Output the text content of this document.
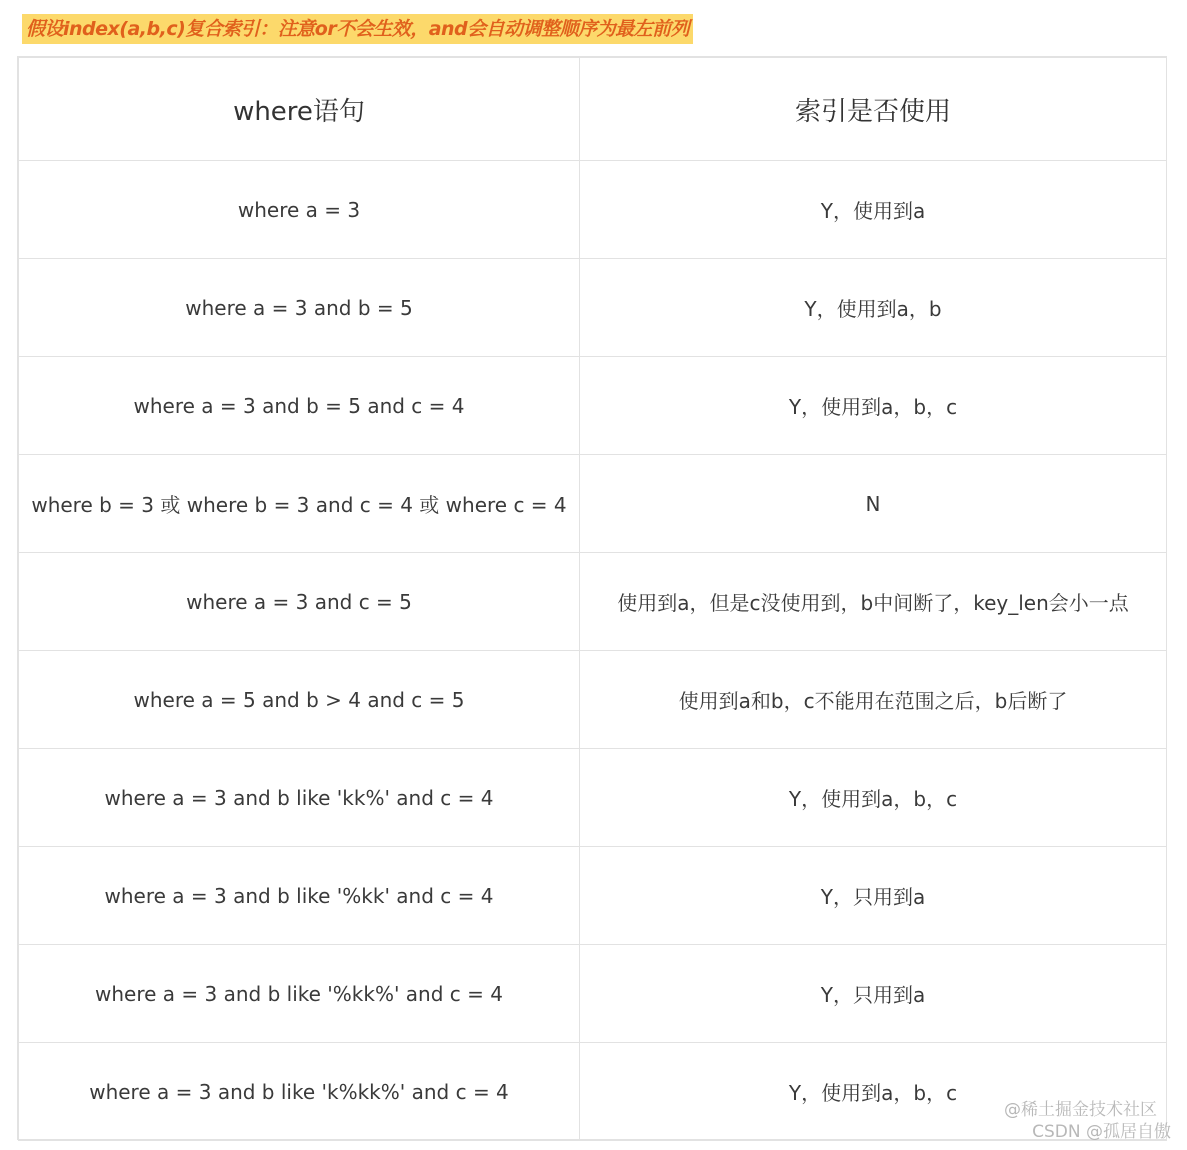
假设index(a,b,c)复合索引：注意or不会生效，and会自动调整顺序为最左前列
where语句	索引是否使用
where a = 3	Y，使用到a
where a = 3 and b = 5	Y，使用到a，b
where a = 3 and b = 5 and c = 4	Y，使用到a，b，c
where b = 3 或 where b = 3 and c = 4 或 where c = 4	N
where a = 3 and c = 5	使用到a，但是c没使用到，b中间断了，key_len会小一点
where a = 5 and b > 4 and c = 5	使用到a和b，c不能用在范围之后，b后断了
where a = 3 and b like 'kk%' and c = 4	Y，使用到a，b，c
where a = 3 and b like '%kk' and c = 4	Y，只用到a
where a = 3 and b like '%kk%' and c = 4	Y，只用到a
where a = 3 and b like 'k%kk%' and c = 4	Y，使用到a，b，c
@稀土掘金技术社区
CSDN @孤居自傲
